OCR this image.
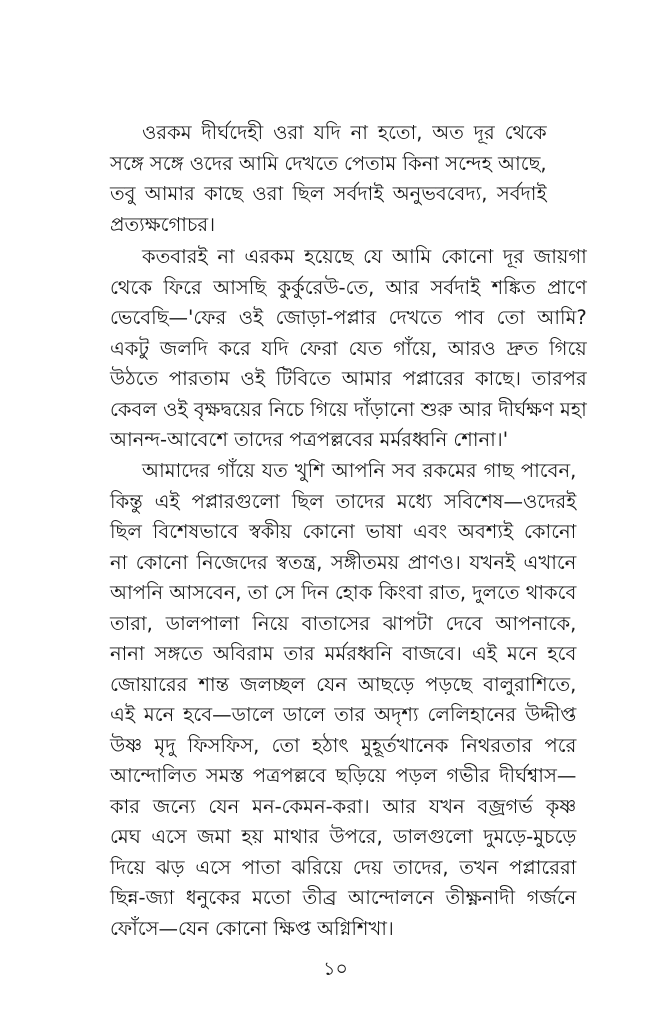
ওরকম দীর্ঘদেহী ওরা যদি না হতো, অত দূর থেকে
সঙ্গে সঙ্গে ওদের আমি দেখতে পেতাম কিনা সন্দেহ আছে,
তবু আমার কাছে ওরা ছিল সর্বদাই অনুভববেদ্য, সর্বদাই
প্রত্যক্ষগোচর।

কতবারই না এরকম হয়েছে যে আমি কোনো দূর জায়গা
থেকে ফিরে আসছি কুর্কুরেউ-তে, আর সর্বদাই শঙ্কিত প্রাণে
ভেবেছি—'ফের ওই জোড়া-পপ্লার দেখতে পাব তো আমি?
একটু জলদি করে যদি ফেরা যেত গাঁয়ে, আরও দ্রুত গিয়ে
উঠতে পারতাম ওই টিবিতে আমার পপ্লারের কাছে। তারপর
কেবল ওই বৃক্ষদ্বয়ের নিচে গিয়ে দাঁড়ানো শুরু আর দীর্ঘক্ষণ মহা
আনন্দ-আবেশে তাদের পত্রপল্লবের মর্মরধ্বনি শোনা।'

আমাদের গাঁয়ে যত খুশি আপনি সব রকমের গাছ পাবেন,
কিন্তু এই পপ্লারগুলো ছিল তাদের মধ্যে সবিশেষ—ওদেরই
ছিল বিশেষভাবে স্বকীয় কোনো ভাষা এবং অবশ্যই কোনো
না কোনো নিজেদের স্বতন্ত্র, সঙ্গীতময় প্রাণও। যখনই এখানে
আপনি আসবেন, তা সে দিন হোক কিংবা রাত, দুলতে থাকবে
তারা, ডালপালা নিয়ে বাতাসের ঝাপটা দেবে আপনাকে,
নানা সঙ্গতে অবিরাম তার মর্মরধ্বনি বাজবে। এই মনে হবে
জোয়ারের শান্ত জলচ্ছল যেন আছড়ে পড়ছে বালুরাশিতে,
এই মনে হবে—ডালে ডালে তার অদৃশ্য লেলিহানের উদ্দীপ্ত
উষ্ণ মৃদু ফিসফিস, তো হঠাৎ মুহূর্তখানেক নিথরতার পরে
আন্দোলিত সমস্ত পত্রপল্লবে ছড়িয়ে পড়ল গভীর দীর্ঘশ্বাস—
কার জন্যে যেন মন-কেমন-করা। আর যখন বজ্রগর্ভ কৃষ্ণ
মেঘ এসে জমা হয় মাথার উপরে, ডালগুলো দুমড়ে-মুচড়ে
দিয়ে ঝড় এসে পাতা ঝরিয়ে দেয় তাদের, তখন পপ্লারেরা
ছিন্ন-জ্যা ধনুকের মতো তীব্র আন্দোলনে তীক্ষ্ণনাদী গর্জনে
ফোঁসে—যেন কোনো ক্ষিপ্ত অগ্নিশিখা।

১০
